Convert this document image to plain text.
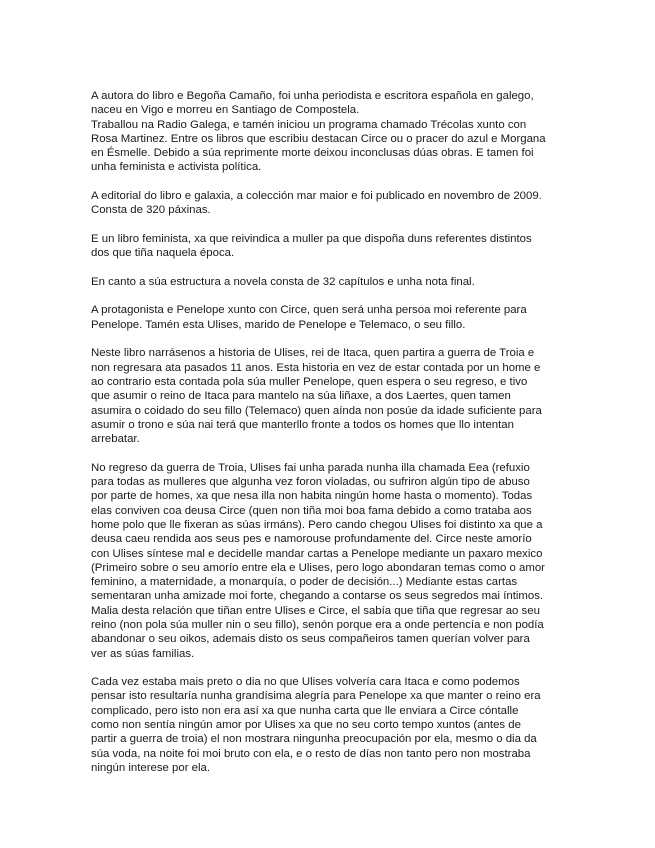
A autora do libro e Begoña Camaño, foi unha periodista e escritora española en galego,
naceu en Vigo e morreu en Santiago de Compostela.
Traballou na Radio Galega, e tamén iniciou un programa chamado Trécolas xunto con
Rosa Martinez. Entre os libros que escribiu destacan Circe ou o pracer do azul e Morgana
en Ésmelle. Debido a súa reprimente morte deixou inconclusas dúas obras. E tamen foi
unha feminista e activista política.

A editorial do libro e galaxia, a colección mar maior e foi publicado en novembro de 2009.
Consta de 320 páxinas.

E un libro feminista, xa que reivindica a muller pa que dispoña duns referentes distintos
dos que tiña naquela época.

En canto a súa estructura a novela consta de 32 capítulos e unha nota final.

A protagonista e Penelope xunto con Circe, quen será unha persoa moi referente para
Penelope. Tamén esta Ulises, marido de Penelope e Telemaco, o seu fillo.

Neste libro narrásenos a historia de Ulises, rei de Itaca, quen partira a guerra de Troia e
non regresara ata pasados 11 anos. Esta historia en vez de estar contada por un home e
ao contrario esta contada pola súa muller Penelope, quen espera o seu regreso, e tivo
que asumir o reino de Itaca para mantelo na súa liñaxe, a dos Laertes, quen tamen
asumira o coidado do seu fillo (Telemaco) quen aínda non posúe da idade suficiente para
asumir o trono e súa nai terá que manterllo fronte a todos os homes que llo intentan
arrebatar.

No regreso da guerra de Troia, Ulises fai unha parada nunha illa chamada Eea (refuxio
para todas as mulleres que algunha vez foron violadas, ou sufriron algún tipo de abuso
por parte de homes, xa que nesa illa non habita ningún home hasta o momento). Todas
elas conviven coa deusa Circe (quen non tiña moi boa fama debido a como trataba aos
home polo que lle fixeran as súas irmáns). Pero cando chegou Ulises foi distinto xa que a
deusa caeu rendida aos seus pes e namorouse profundamente del. Circe neste amorío
con Ulises síntese mal e decidelle mandar cartas a Penelope mediante un paxaro mexico
(Primeiro sobre o seu amorío entre ela e Ulises, pero logo abondaran temas como o amor
feminino, a maternidade, a monarquía, o poder de decisión...) Mediante estas cartas
sementaran unha amizade moi forte, chegando a contarse os seus segredos mai íntimos.
Malia desta relación que tiñan entre Ulises e Circe, el sabía que tiña que regresar ao seu
reino (non pola súa muller nin o seu fillo), senón porque era a onde pertencía e non podía
abandonar o seu oikos, ademais disto os seus compañeiros tamen querían volver para
ver as súas familias.

Cada vez estaba mais preto o dia no que Ulises volvería cara Itaca e como podemos
pensar isto resultaría nunha grandísima alegría para Penelope xa que manter o reino era
complicado, pero isto non era así xa que nunha carta que lle enviara a Circe cóntalle
como non sentía ningún amor por Ulises xa que no seu corto tempo xuntos (antes de
partir a guerra de troia) el non mostrara ningunha preocupación por ela, mesmo o dia da
súa voda, na noite foi moi bruto con ela, e o resto de días non tanto pero non mostraba
ningún interese por ela.
